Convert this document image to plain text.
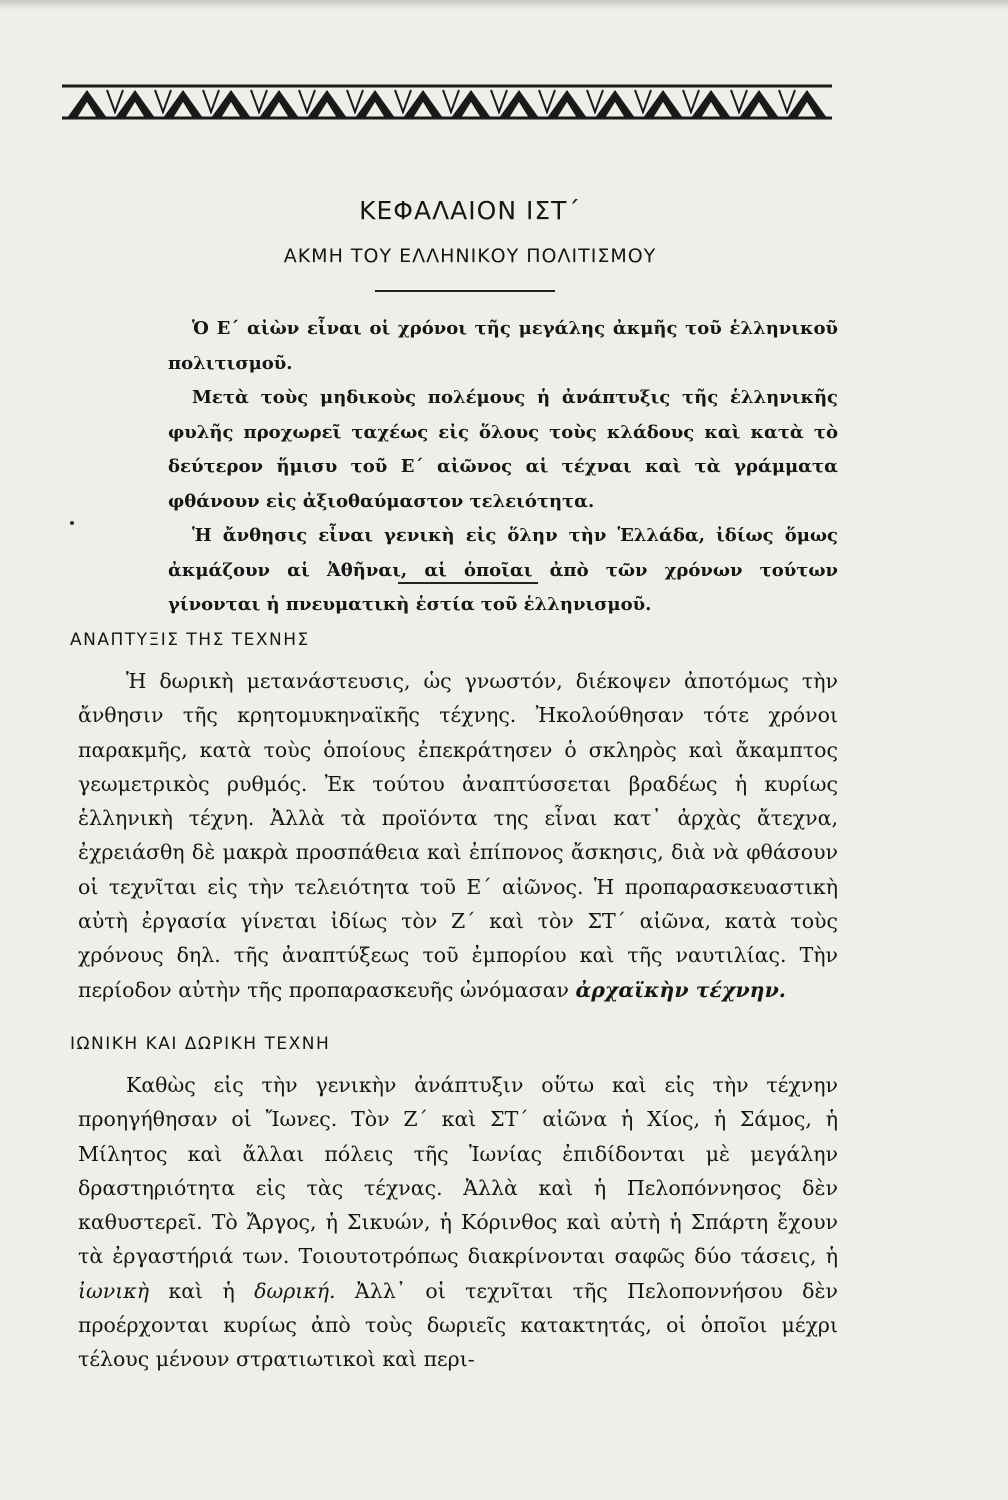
ΚΕΦΑΛΑΙΟΝ ΙΣΤ΄
ΑΚΜΗ ΤΟΥ ΕΛΛΗΝΙΚΟΥ ΠΟΛΙΤΙΣΜΟΥ

Ὁ Ε΄ αἰὼν εἶναι οἱ χρόνοι τῆς μεγάλης ἀκμῆς τοῦ ἑλληνικοῦ πολιτισμοῦ.

Μετὰ τοὺς μηδικοὺς πολέμους ἡ ἀνάπτυξις τῆς ἑλληνικῆς φυλῆς προχωρεῖ ταχέως εἰς ὅλους τοὺς κλάδους καὶ κατὰ τὸ δεύτερον ἥμισυ τοῦ Ε΄ αἰῶνος αἱ τέχναι καὶ τὰ γράμματα φθάνουν εἰς ἀξιοθαύμαστον τελειότητα.

Ἡ ἄνθησις εἶναι γενικὴ εἰς ὅλην τὴν Ἑλλάδα, ἰδίως ὅμως ἀκμάζουν αἱ Ἀθῆναι, αἱ ὁποῖαι ἀπὸ τῶν χρόνων τούτων γίνονται ἡ πνευματικὴ ἑστία τοῦ ἑλληνισμοῦ.

ΑΝΑΠΤΥΞΙΣ ΤΗΣ ΤΕΧΝΗΣ

Ἡ δωρικὴ μετανάστευσις, ὡς γνωστόν, διέκοψεν ἀποτόμως τὴν ἄνθησιν τῆς κρητομυκηναϊκῆς τέχνης. Ἠκολούθησαν τότε χρόνοι παρακμῆς, κατὰ τοὺς ὁποίους ἐπεκράτησεν ὁ σκληρὸς καὶ ἄκαμπτος γεωμετρικὸς ρυθμός. Ἐκ τούτου ἀναπτύσσεται βραδέως ἡ κυρίως ἑλληνικὴ τέχνη. Ἀλλὰ τὰ προϊόντα της εἶναι κατ᾿ ἀρχὰς ἄτεχνα, ἐχρειάσθη δὲ μακρὰ προσπάθεια καὶ ἐπίπονος ἄσκησις, διὰ νὰ φθάσουν οἱ τεχνῖται εἰς τὴν τελειότητα τοῦ Ε΄ αἰῶνος. Ἡ προπαρασκευαστικὴ αὐτὴ ἐργασία γίνεται ἰδίως τὸν Ζ΄ καὶ τὸν ΣΤ΄ αἰῶνα, κατὰ τοὺς χρόνους δηλ. τῆς ἀναπτύξεως τοῦ ἐμπορίου καὶ τῆς ναυτιλίας. Τὴν περίοδον αὐτὴν τῆς προπαρασκευῆς ὠνόμασαν ἀρχαϊκὴν τέχνην.

ΙΩΝΙΚΗ ΚΑΙ ΔΩΡΙΚΗ ΤΕΧΝΗ

Καθὼς εἰς τὴν γενικὴν ἀνάπτυξιν οὕτω καὶ εἰς τὴν τέχνην προηγήθησαν οἱ Ἴωνες. Τὸν Ζ΄ καὶ ΣΤ΄ αἰῶνα ἡ Χίος, ἡ Σάμος, ἡ Μίλητος καὶ ἄλλαι πόλεις τῆς Ἰωνίας ἐπιδίδονται μὲ μεγάλην δραστηριότητα εἰς τὰς τέχνας. Ἀλλὰ καὶ ἡ Πελοπόννησος δὲν καθυστερεῖ. Τὸ Ἄργος, ἡ Σικυών, ἡ Κόρινθος καὶ αὐτὴ ἡ Σπάρτη ἔχουν τὰ ἐργαστήριά των. Τοιουτοτρόπως διακρίνονται σαφῶς δύο τάσεις, ἡ ἰωνικὴ καὶ ἡ δωρική. Ἀλλ᾿ οἱ τεχνῖται τῆς Πελοποννήσου δὲν προέρχονται κυρίως ἀπὸ τοὺς δωριεῖς κατακτητάς, οἱ ὁποῖοι μέχρι τέλους μένουν στρατιωτικοὶ καὶ περι-
